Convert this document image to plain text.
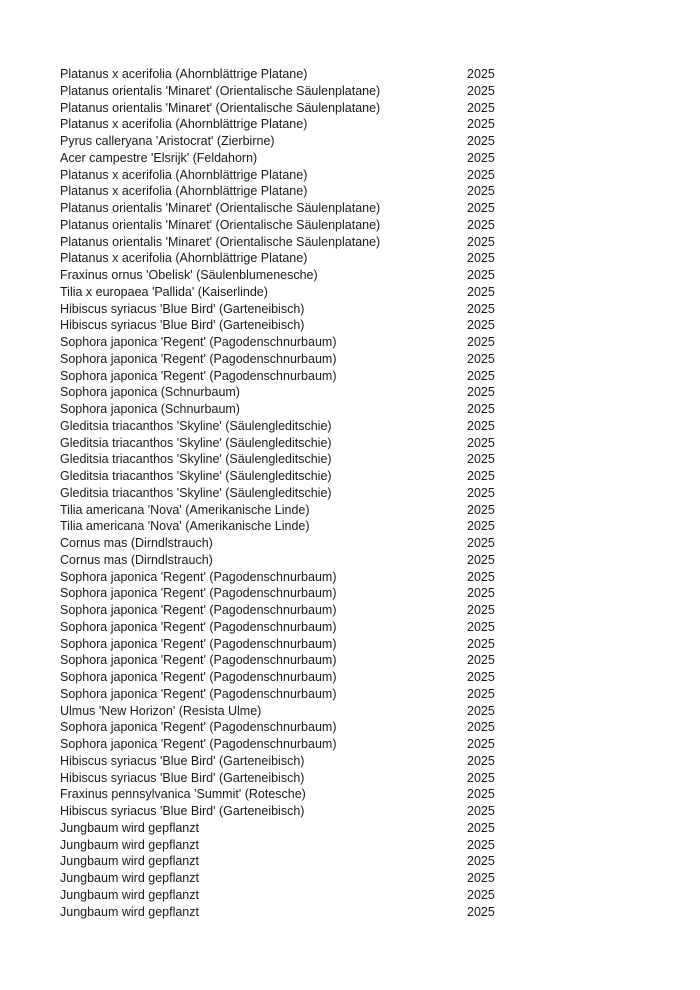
Platanus x acerifolia (Ahornblättrige Platane)	2025
Platanus orientalis 'Minaret' (Orientalische Säulenplatane)	2025
Platanus orientalis 'Minaret' (Orientalische Säulenplatane)	2025
Platanus x acerifolia (Ahornblättrige Platane)	2025
Pyrus calleryana 'Aristocrat' (Zierbirne)	2025
Acer campestre 'Elsrijk' (Feldahorn)	2025
Platanus x acerifolia (Ahornblättrige Platane)	2025
Platanus x acerifolia (Ahornblättrige Platane)	2025
Platanus orientalis 'Minaret' (Orientalische Säulenplatane)	2025
Platanus orientalis 'Minaret' (Orientalische Säulenplatane)	2025
Platanus orientalis 'Minaret' (Orientalische Säulenplatane)	2025
Platanus x acerifolia (Ahornblättrige Platane)	2025
Fraxinus ornus 'Obelisk' (Säulenblumenesche)	2025
Tilia x europaea 'Pallida' (Kaiserlinde)	2025
Hibiscus syriacus 'Blue Bird' (Garteneibisch)	2025
Hibiscus syriacus 'Blue Bird' (Garteneibisch)	2025
Sophora japonica 'Regent' (Pagodenschnurbaum)	2025
Sophora japonica 'Regent' (Pagodenschnurbaum)	2025
Sophora japonica 'Regent' (Pagodenschnurbaum)	2025
Sophora japonica (Schnurbaum)	2025
Sophora japonica (Schnurbaum)	2025
Gleditsia triacanthos 'Skyline' (Säulengleditschie)	2025
Gleditsia triacanthos 'Skyline' (Säulengleditschie)	2025
Gleditsia triacanthos 'Skyline' (Säulengleditschie)	2025
Gleditsia triacanthos 'Skyline' (Säulengleditschie)	2025
Gleditsia triacanthos 'Skyline' (Säulengleditschie)	2025
Tilia americana 'Nova' (Amerikanische Linde)	2025
Tilia americana 'Nova' (Amerikanische Linde)	2025
Cornus mas (Dirndlstrauch)	2025
Cornus mas (Dirndlstrauch)	2025
Sophora japonica 'Regent' (Pagodenschnurbaum)	2025
Sophora japonica 'Regent' (Pagodenschnurbaum)	2025
Sophora japonica 'Regent' (Pagodenschnurbaum)	2025
Sophora japonica 'Regent' (Pagodenschnurbaum)	2025
Sophora japonica 'Regent' (Pagodenschnurbaum)	2025
Sophora japonica 'Regent' (Pagodenschnurbaum)	2025
Sophora japonica 'Regent' (Pagodenschnurbaum)	2025
Sophora japonica 'Regent' (Pagodenschnurbaum)	2025
Ulmus 'New Horizon' (Resista Ulme)	2025
Sophora japonica 'Regent' (Pagodenschnurbaum)	2025
Sophora japonica 'Regent' (Pagodenschnurbaum)	2025
Hibiscus syriacus 'Blue Bird' (Garteneibisch)	2025
Hibiscus syriacus 'Blue Bird' (Garteneibisch)	2025
Fraxinus pennsylvanica 'Summit' (Rotesche)	2025
Hibiscus syriacus 'Blue Bird' (Garteneibisch)	2025
Jungbaum wird gepflanzt	2025
Jungbaum wird gepflanzt	2025
Jungbaum wird gepflanzt	2025
Jungbaum wird gepflanzt	2025
Jungbaum wird gepflanzt	2025
Jungbaum wird gepflanzt	2025
